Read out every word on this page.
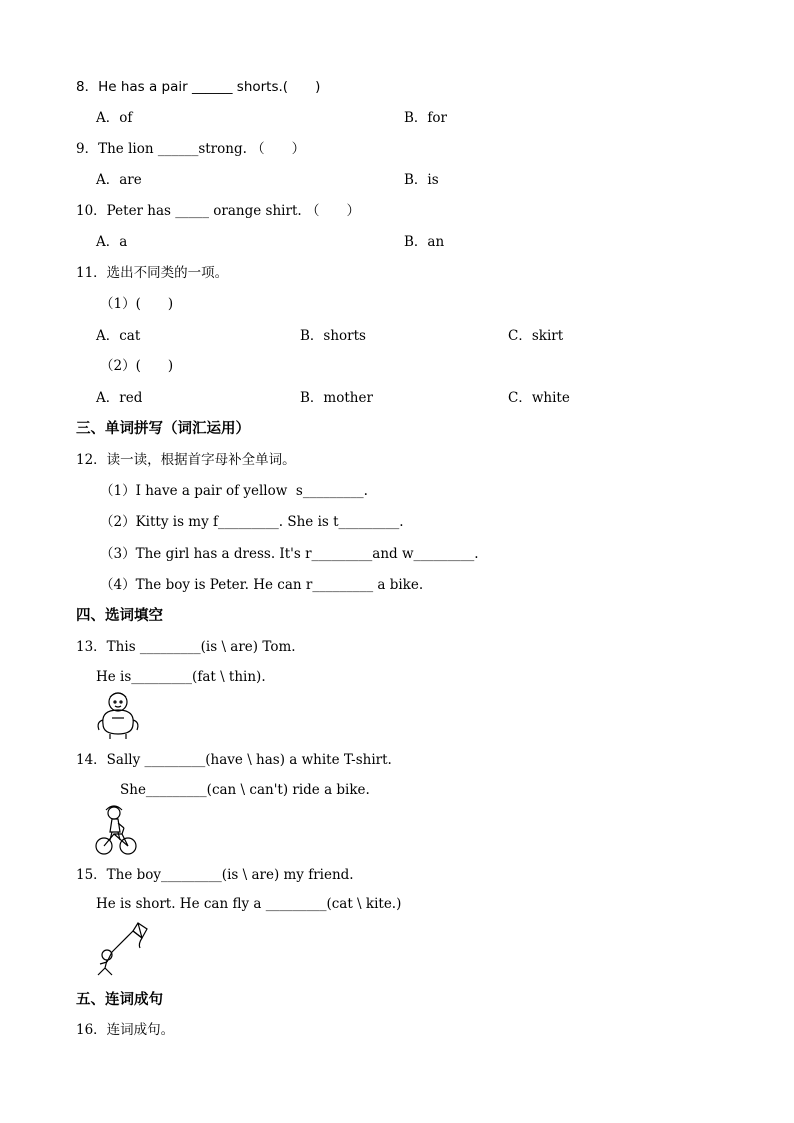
8．He has a pair ______ shorts.(　　)
A．of	B．for
9．The lion ______strong. （　　）
A．are	B．is
10．Peter has _____ orange shirt. （　　）
A．a	B．an
11．选出不同类的一项。
（1）(　　)
A．cat	B．shorts	C．skirt
（2）(　　)
A．red	B．mother	C．white
三、单词拼写（词汇运用）
12．读一读，根据首字母补全单词。
（1）I have a pair of yellow  s_________.
（2）Kitty is my f_________. She is t_________.
（3）The girl has a dress. It's r_________and w_________.
（4）The boy is Peter. He can r_________ a bike.
四、选词填空
13．This _________(is \ are) Tom.
He is_________(fat \ thin).
14．Sally _________(have \ has) a white T-shirt.
She_________(can \ can't) ride a bike.
15．The boy_________(is \ are) my friend.
He is short. He can fly a _________(cat \ kite.)
五、连词成句
16．连词成句。
